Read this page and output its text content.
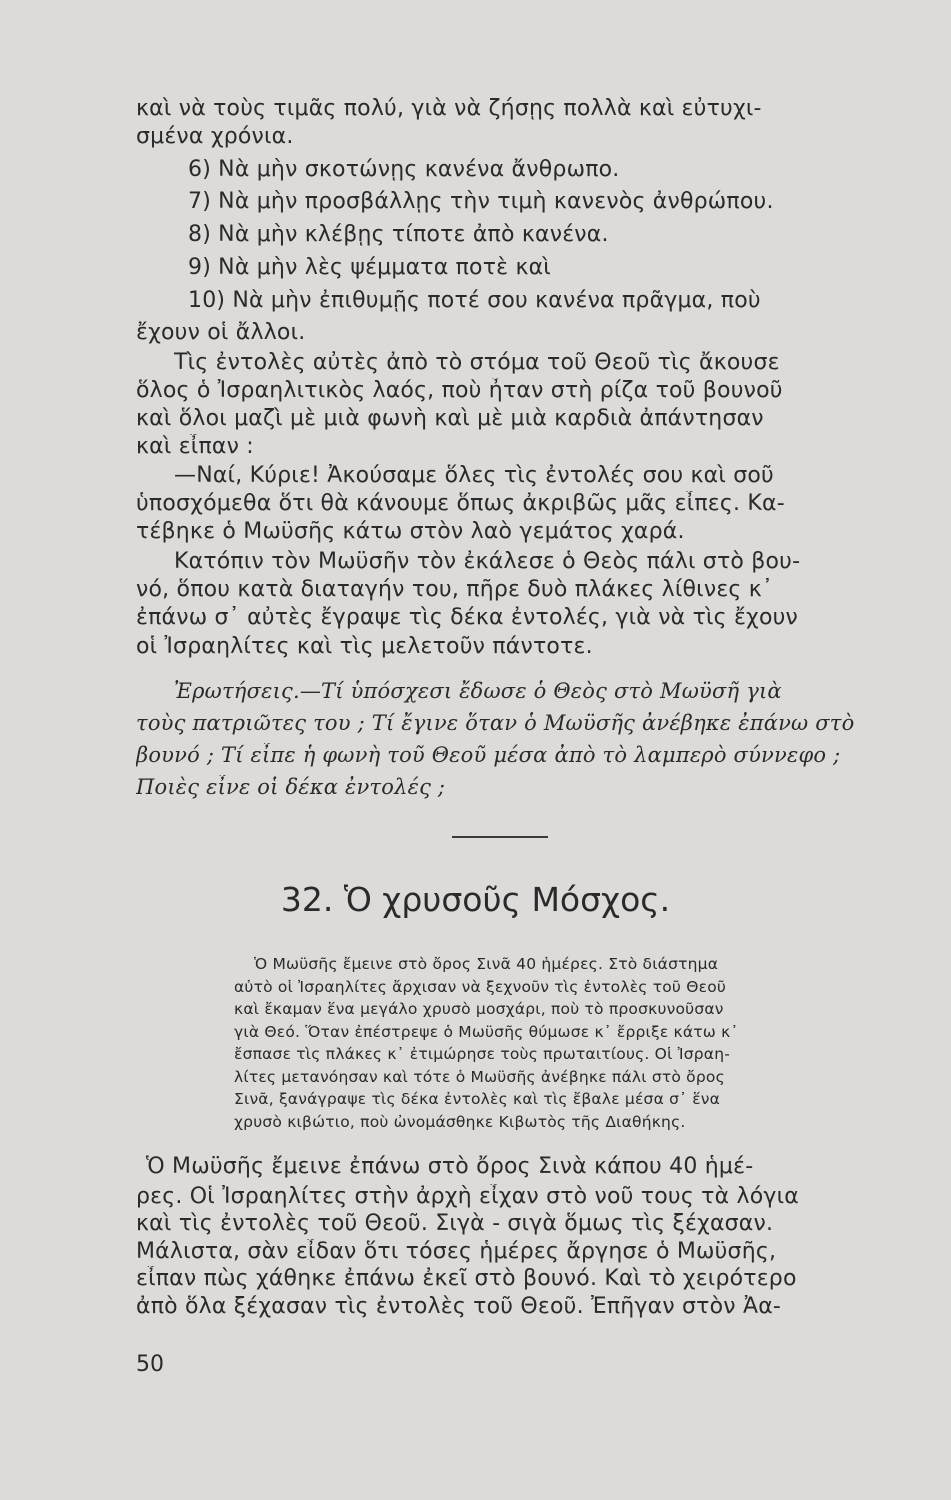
καὶ νὰ τοὺς τιμᾶς πολύ, γιὰ νὰ ζήσῃς πολλὰ καὶ εὐτυχι-
σμένα χρόνια.
6) Νὰ μὴν σκοτώνῃς κανένα ἄνθρωπο.
7) Νὰ μὴν προσβάλλῃς τὴν τιμὴ κανενὸς ἀνθρώπου.
8) Νὰ μὴν κλέβῃς τίποτε ἀπὸ κανένα.
9) Νὰ μὴν λὲς ψέμματα ποτὲ καὶ
10) Νὰ μὴν ἐπιθυμῇς ποτέ σου κανένα πρᾶγμα, ποὺ
ἔχουν οἱ ἄλλοι.
Τὶς ἐντολὲς αὐτὲς ἀπὸ τὸ στόμα τοῦ Θεοῦ τὶς ἄκουσε
ὅλος ὁ Ἰσραηλιτικὸς λαός, ποὺ ἦταν στὴ ρίζα τοῦ βουνοῦ
καὶ ὅλοι μαζὶ μὲ μιὰ φωνὴ καὶ μὲ μιὰ καρδιὰ ἀπάντησαν
καὶ εἶπαν :
—Ναί, Κύριε! Ἀκούσαμε ὅλες τὶς ἐντολές σου καὶ σοῦ
ὑποσχόμεθα ὅτι θὰ κάνουμε ὅπως ἀκριβῶς μᾶς εἶπες. Κα-
τέβηκε ὁ Μωϋσῆς κάτω στὸν λαὸ γεμάτος χαρά.
Κατόπιν τὸν Μωϋσῆν τὸν ἐκάλεσε ὁ Θεὸς πάλι στὸ βου-
νό, ὅπου κατὰ διαταγήν του, πῆρε δυὸ πλάκες λίθινες κ᾿
ἐπάνω σ᾿ αὐτὲς ἔγραψε τὶς δέκα ἐντολές, γιὰ νὰ τὶς ἔχουν
οἱ Ἰσραηλίτες καὶ τὶς μελετοῦν πάντοτε.
Ἐρωτήσεις.—Τί ὑπόσχεσι ἔδωσε ὁ Θεὸς στὸ Μωϋσῆ γιὰ
τοὺς πατριῶτες του ; Τί ἔγινε ὅταν ὁ Μωϋσῆς ἀνέβηκε ἐπάνω στὸ
βουνό ; Τί εἶπε ἡ φωνὴ τοῦ Θεοῦ μέσα ἀπὸ τὸ λαμπερὸ σύννεφο ;
Ποιὲς εἶνε οἱ δέκα ἐντολές ;
32. Ὁ χρυσοῦς Μόσχος.
Ὁ Μωϋσῆς ἔμεινε στὸ ὄρος Σινᾶ 40 ἡμέρες. Στὸ διάστημα
αὐτὸ οἱ Ἰσραηλίτες ἄρχισαν νὰ ξεχνοῦν τὶς ἐντολὲς τοῦ Θεοῦ
καὶ ἔκαμαν ἕνα μεγάλο χρυσὸ μοσχάρι, ποὺ τὸ προσκυνοῦσαν
γιὰ Θεό. Ὅταν ἐπέστρεψε ὁ Μωϋσῆς θύμωσε κ᾿ ἔρριξε κάτω κ᾿
ἔσπασε τὶς πλάκες κ᾿ ἐτιμώρησε τοὺς πρωταιτίους. Οἱ Ἰσραη-
λίτες μετανόησαν καὶ τότε ὁ Μωϋσῆς ἀνέβηκε πάλι στὸ ὄρος
Σινᾶ, ξανάγραψε τὶς δέκα ἐντολὲς καὶ τὶς ἔβαλε μέσα σ᾿ ἕνα
χρυσὸ κιβώτιο, ποὺ ὠνομάσθηκε Κιβωτὸς τῆς Διαθήκης.
Ὁ Μωϋσῆς ἔμεινε ἐπάνω στὸ ὄρος Σινὰ κάπου 40 ἡμέ-
ρες. Οἱ Ἰσραηλίτες στὴν ἀρχὴ εἶχαν στὸ νοῦ τους τὰ λόγια
καὶ τὶς ἐντολὲς τοῦ Θεοῦ. Σιγὰ - σιγὰ ὅμως τὶς ξέχασαν.
Μάλιστα, σὰν εἶδαν ὅτι τόσες ἡμέρες ἄργησε ὁ Μωϋσῆς,
εἶπαν πὼς χάθηκε ἐπάνω ἐκεῖ στὸ βουνό. Καὶ τὸ χειρότερο
ἀπὸ ὅλα ξέχασαν τὶς ἐντολὲς τοῦ Θεοῦ. Ἐπῆγαν στὸν Ἀα-
50
